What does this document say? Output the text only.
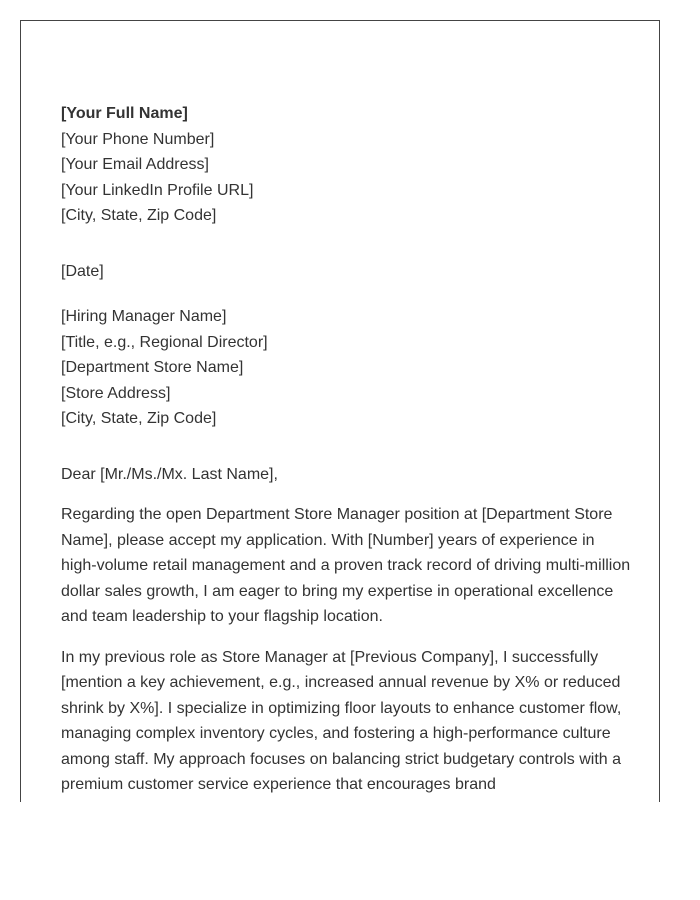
[Your Full Name]

[Your Phone Number]

[Your Email Address]

[Your LinkedIn Profile URL]

[City, State, Zip Code]

[Date]

[Hiring Manager Name]

[Title, e.g., Regional Director]

[Department Store Name]

[Store Address]

[City, State, Zip Code]

Dear [Mr./Ms./Mx. Last Name],

Regarding the open Department Store Manager position at [Department Store Name], please accept my application. With [Number] years of experience in high-volume retail management and a proven track record of driving multi-million dollar sales growth, I am eager to bring my expertise in operational excellence and team leadership to your flagship location.

In my previous role as Store Manager at [Previous Company], I successfully [mention a key achievement, e.g., increased annual revenue by X% or reduced shrink by X%]. I specialize in optimizing floor layouts to enhance customer flow, managing complex inventory cycles, and fostering a high-performance culture among staff. My approach focuses on balancing strict budgetary controls with a premium customer service experience that encourages brand
